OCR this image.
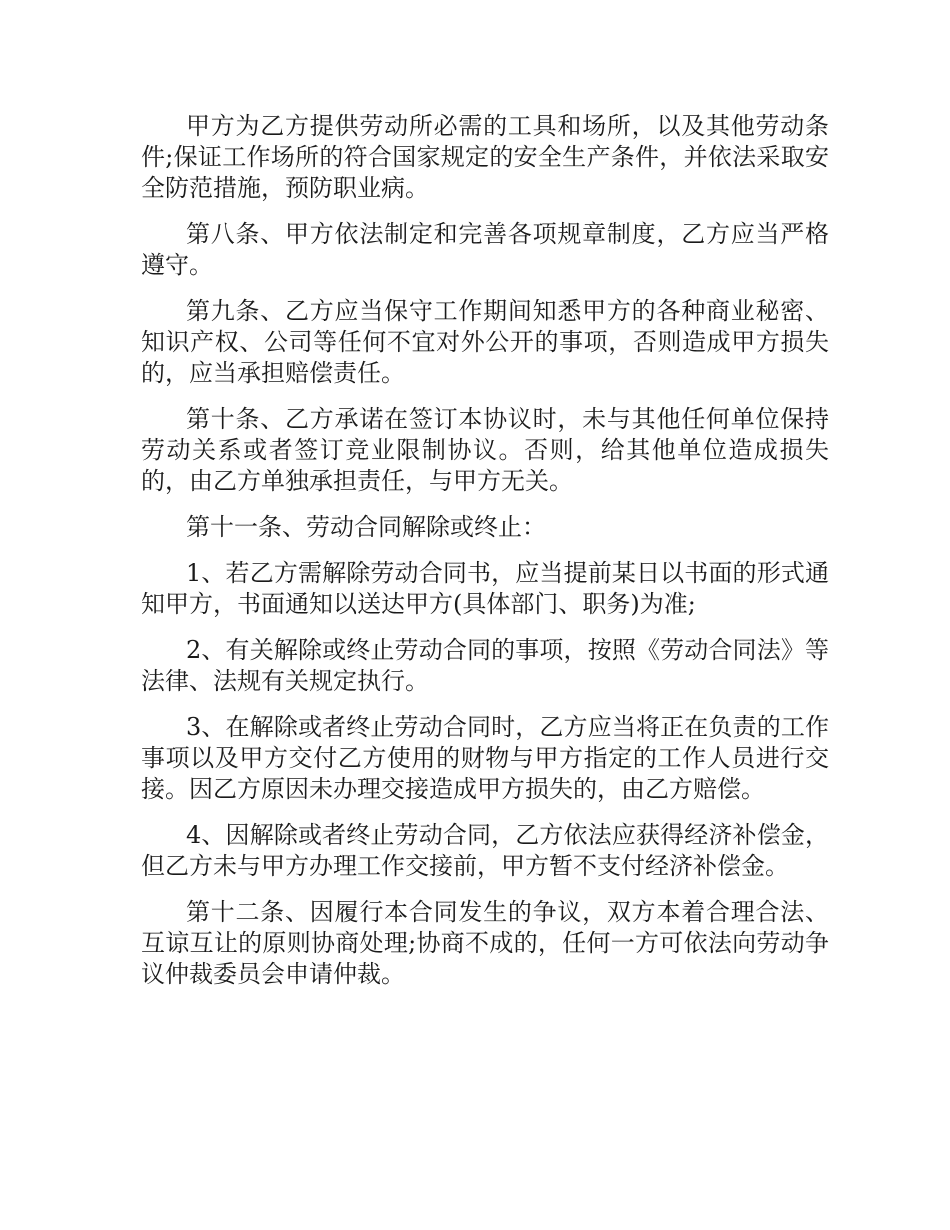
甲方为乙方提供劳动所必需的工具和场所，以及其他劳动条件;保证工作场所的符合国家规定的安全生产条件，并依法采取安全防范措施，预防职业病。

第八条、甲方依法制定和完善各项规章制度，乙方应当严格遵守。

第九条、乙方应当保守工作期间知悉甲方的各种商业秘密、知识产权、公司等任何不宜对外公开的事项，否则造成甲方损失的，应当承担赔偿责任。

第十条、乙方承诺在签订本协议时，未与其他任何单位保持劳动关系或者签订竞业限制协议。否则，给其他单位造成损失的，由乙方单独承担责任，与甲方无关。

第十一条、劳动合同解除或终止：

1、若乙方需解除劳动合同书，应当提前某日以书面的形式通知甲方，书面通知以送达甲方(具体部门、职务)为准;

2、有关解除或终止劳动合同的事项，按照《劳动合同法》等法律、法规有关规定执行。

3、在解除或者终止劳动合同时，乙方应当将正在负责的工作事项以及甲方交付乙方使用的财物与甲方指定的工作人员进行交接。因乙方原因未办理交接造成甲方损失的，由乙方赔偿。

4、因解除或者终止劳动合同，乙方依法应获得经济补偿金，但乙方未与甲方办理工作交接前，甲方暂不支付经济补偿金。

第十二条、因履行本合同发生的争议，双方本着合理合法、互谅互让的原则协商处理;协商不成的，任何一方可依法向劳动争议仲裁委员会申请仲裁。
